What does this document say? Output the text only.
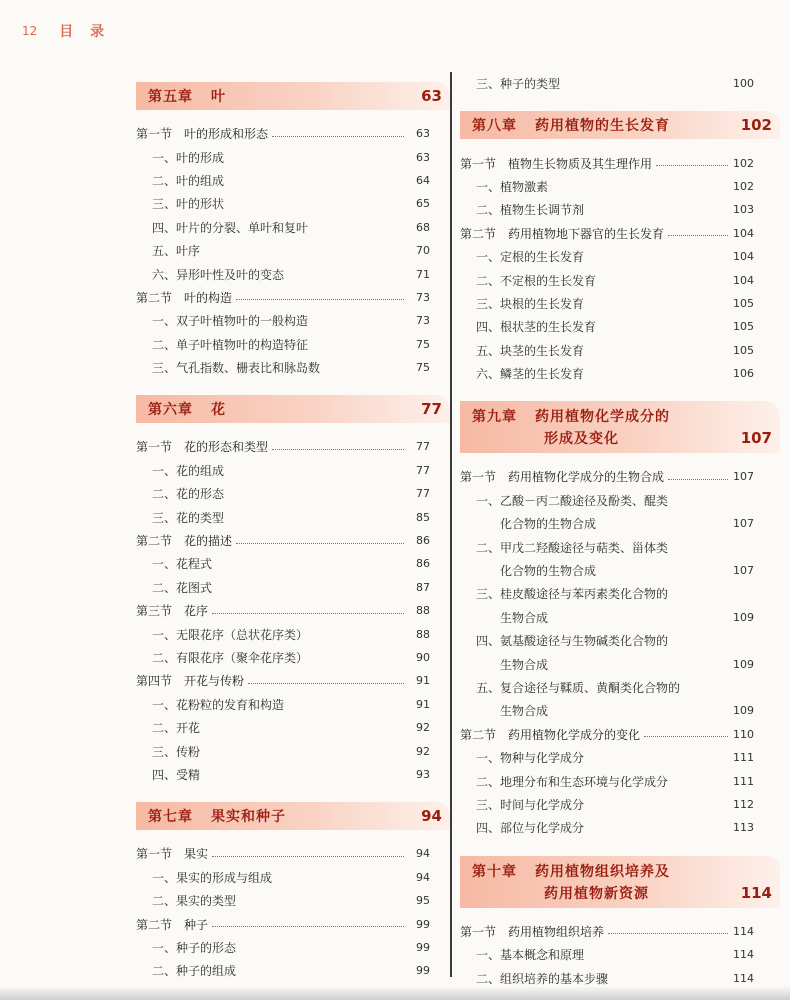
12 目 录
第五章 叶	63
第一节　叶的形成和形态	63
一、叶的形成	63
二、叶的组成	64
三、叶的形状	65
四、叶片的分裂、单叶和复叶	68
五、叶序	70
六、异形叶性及叶的变态	71
第二节　叶的构造	73
一、双子叶植物叶的一般构造	73
二、单子叶植物叶的构造特征	75
三、气孔指数、栅表比和脉岛数	75
第六章 花	77
第一节　花的形态和类型	77
一、花的组成	77
二、花的形态	77
三、花的类型	85
第二节　花的描述	86
一、花程式	86
二、花图式	87
第三节　花序	88
一、无限花序（总状花序类）	88
二、有限花序（聚伞花序类）	90
第四节　开花与传粉	91
一、花粉粒的发育和构造	91
二、开花	92
三、传粉	92
四、受精	93
第七章 果实和种子	94
第一节　果实	94
一、果实的形成与组成	94
二、果实的类型	95
第二节　种子	99
一、种子的形态	99
二、种子的组成	99
三、种子的类型	100
第八章 药用植物的生长发育	102
第一节　植物生长物质及其生理作用	102
一、植物激素	102
二、植物生长调节剂	103
第二节　药用植物地下器官的生长发育	104
一、定根的生长发育	104
二、不定根的生长发育	104
三、块根的生长发育	105
四、根状茎的生长发育	105
五、块茎的生长发育	105
六、鳞茎的生长发育	106
第九章 药用植物化学成分的
形成及变化	107
第一节　药用植物化学成分的生物合成	107
一、乙酸－丙二酸途径及酚类、醌类
化合物的生物合成	107
二、甲戊二羟酸途径与萜类、甾体类
化合物的生物合成	107
三、桂皮酸途径与苯丙素类化合物的
生物合成	109
四、氨基酸途径与生物碱类化合物的
生物合成	109
五、复合途径与鞣质、黄酮类化合物的
生物合成	109
第二节　药用植物化学成分的变化	110
一、物种与化学成分	111
二、地理分布和生态环境与化学成分	111
三、时间与化学成分	112
四、部位与化学成分	113
第十章 药用植物组织培养及
药用植物新资源	114
第一节　药用植物组织培养	114
一、基本概念和原理	114
二、组织培养的基本步骤	114
